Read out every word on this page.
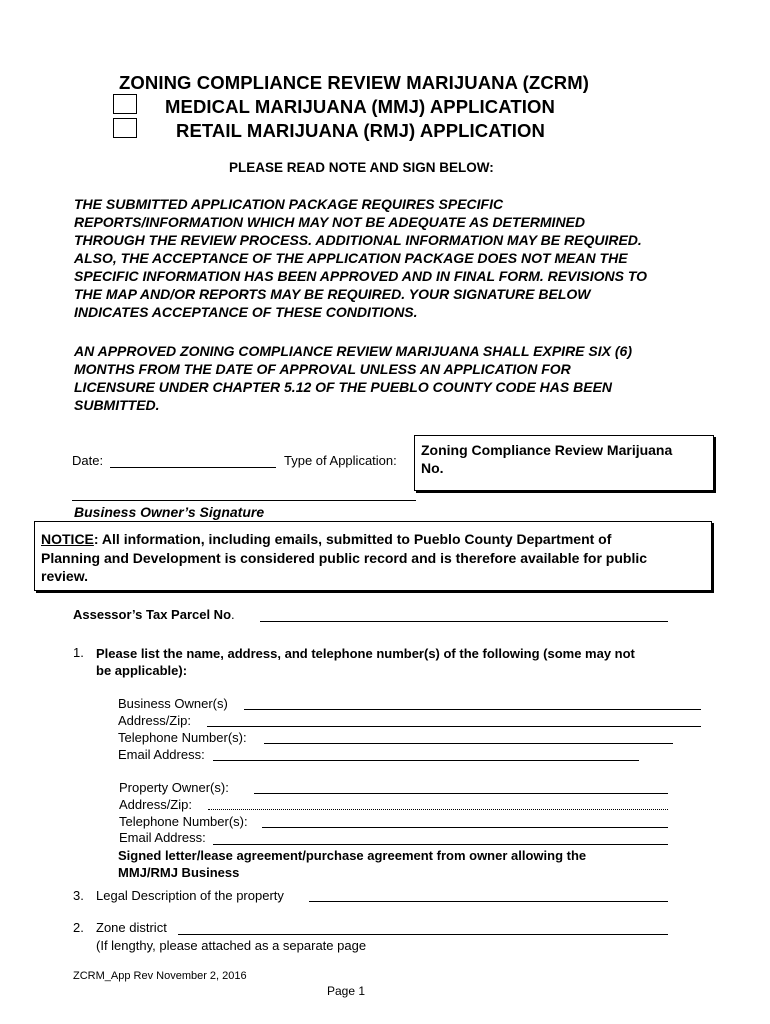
ZONING COMPLIANCE REVIEW MARIJUANA (ZCRM)
MEDICAL MARIJUANA (MMJ) APPLICATION
RETAIL MARIJUANA (RMJ) APPLICATION
PLEASE READ NOTE AND SIGN BELOW:
THE SUBMITTED APPLICATION PACKAGE REQUIRES SPECIFIC
REPORTS/INFORMATION WHICH MAY NOT BE ADEQUATE AS DETERMINED
THROUGH THE REVIEW PROCESS. ADDITIONAL INFORMATION MAY BE REQUIRED.
ALSO, THE ACCEPTANCE OF THE APPLICATION PACKAGE DOES NOT MEAN THE
SPECIFIC INFORMATION HAS BEEN APPROVED AND IN FINAL FORM. REVISIONS TO
THE MAP AND/OR REPORTS MAY BE REQUIRED. YOUR SIGNATURE BELOW
INDICATES ACCEPTANCE OF THESE CONDITIONS.
AN APPROVED ZONING COMPLIANCE REVIEW MARIJUANA SHALL EXPIRE SIX (6)
MONTHS FROM THE DATE OF APPROVAL UNLESS AN APPLICATION FOR
LICENSURE UNDER CHAPTER 5.12 OF THE PUEBLO COUNTY CODE HAS BEEN
SUBMITTED.
Date:	Type of Application:
Zoning Compliance Review Marijuana
No.
Business Owner’s Signature
NOTICE: All information, including emails, submitted to Pueblo County Department of
Planning and Development is considered public record and is therefore available for public
review.
Assessor’s Tax Parcel No.
1. Please list the name, address, and telephone number(s) of the following (some may not
be applicable):
Business Owner(s)
Address/Zip:
Telephone Number(s):
Email Address:
Property Owner(s):
Address/Zip:
Telephone Number(s):
Email Address:
Signed letter/lease agreement/purchase agreement from owner allowing the
MMJ/RMJ Business
3. Legal Description of the property
2. Zone district
(If lengthy, please attached as a separate page
ZCRM_App Rev November 2, 2016
Page 1
